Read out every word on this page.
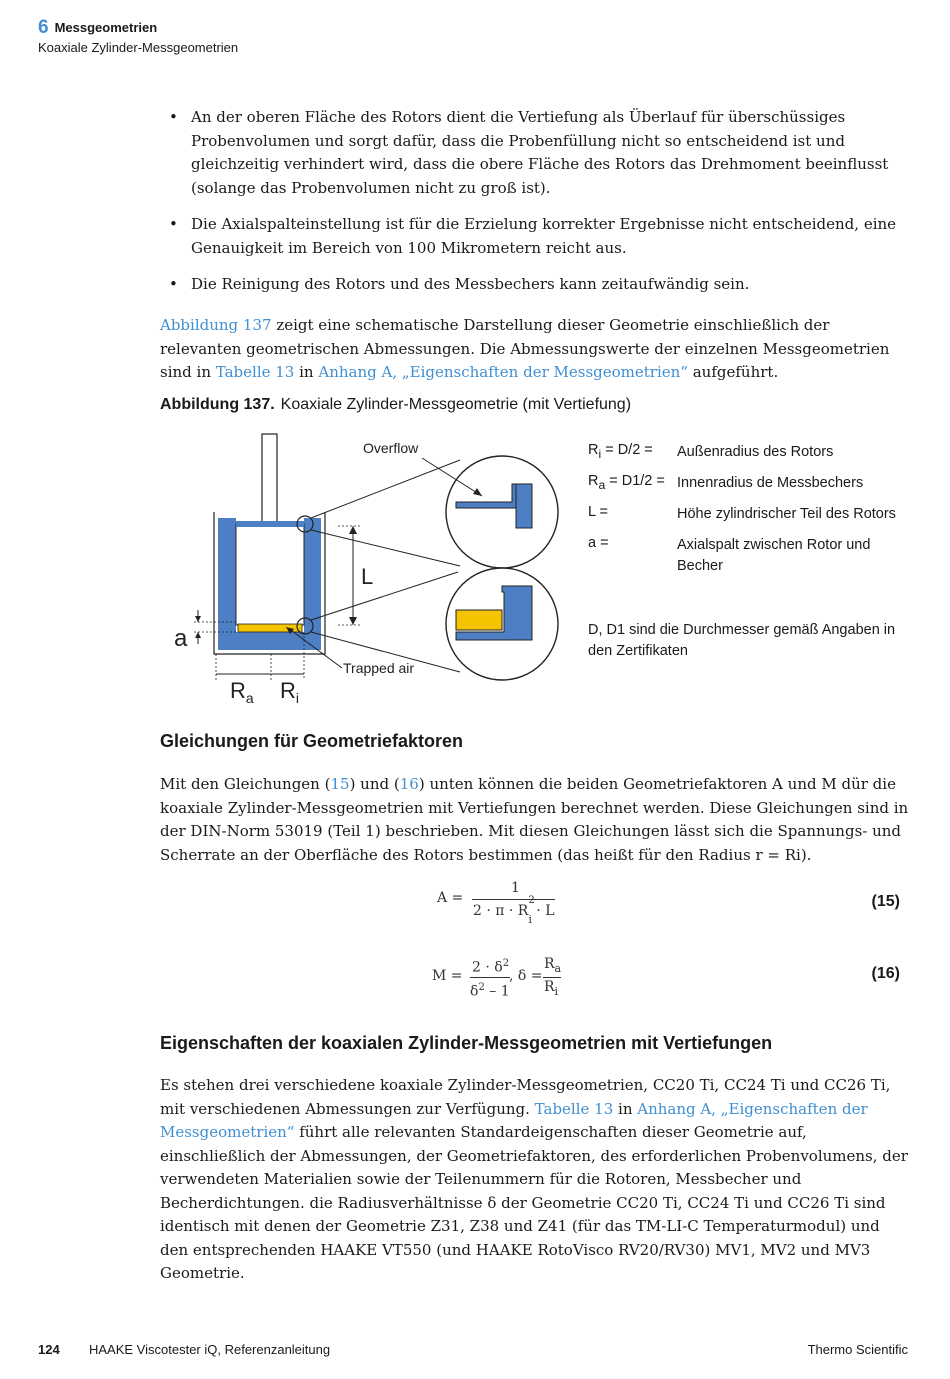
6 Messgeometrien
Koaxiale Zylinder-Messgeometrien
• An der oberen Fläche des Rotors dient die Vertiefung als Überlauf für überschüssiges Probenvolumen und sorgt dafür, dass die Probenfüllung nicht so entscheidend ist und gleichzeitig verhindert wird, dass die obere Fläche des Rotors das Drehmoment beeinflusst (solange das Probenvolumen nicht zu groß ist).
• Die Axialspalteinstellung ist für die Erzielung korrekter Ergebnisse nicht entscheidend, eine Genauigkeit im Bereich von 100 Mikrometern reicht aus.
• Die Reinigung des Rotors und des Messbechers kann zeitaufwändig sein.
Abbildung 137 zeigt eine schematische Darstellung dieser Geometrie einschließlich der relevanten geometrischen Abmessungen. Die Abmessungswerte der einzelnen Messgeometrien sind in Tabelle 13 in Anhang A, „Eigenschaften der Messgeometrien“ aufgeführt.
Abbildung 137. Koaxiale Zylinder-Messgeometrie (mit Vertiefung)
Overflow
Trapped air
L
a
$R_a$ $R_i$
$R_i = D/2$ = Außenradius des Rotors
$R_a = D1/2$ = Innenradius de Messbechers
L =	Höhe zylindrischer Teil des Rotors
a =	Axialspalt zwischen Rotor und Becher
D, D1 sind die Durchmesser gemäß Angaben in den Zertifikaten
Gleichungen für Geometriefaktoren
Mit den Gleichungen (15) und (16) unten können die beiden Geometriefaktoren A und M dür die koaxiale Zylinder-Messgeometrien mit Vertiefungen berechnet werden. Diese Gleichungen sind in der DIN-Norm 53019 (Teil 1) beschrieben. Mit diesen Gleichungen lässt sich die Spannungs- und Scherrate an der Oberfläche des Rotors bestimmen (das heißt für den Radius r = Ri).
A =
1
2 · π · R
2
$_i$ · L
(15)
M =
$2 \cdot \delta^2$
$\delta^2 - 1$
, δ =
$R_a$
$R_i$
(16)
Eigenschaften der koaxialen Zylinder-Messgeometrien mit Vertiefungen
Es stehen drei verschiedene koaxiale Zylinder-Messgeometrien, CC20 Ti, CC24 Ti und CC26 Ti, mit verschiedenen Abmessungen zur Verfügung. Tabelle 13 in Anhang A, „Eigenschaften der Messgeometrien“ führt alle relevanten Standardeigenschaften dieser Geometrie auf, einschließlich der Abmessungen, der Geometriefaktoren, des erforderlichen Probenvolumens, der verwendeten Materialien sowie der Teilenummern für die Rotoren, Messbecher und Becherdichtungen. die Radiusverhältnisse δ der Geometrie CC20 Ti, CC24 Ti und CC26 Ti sind identisch mit denen der Geometrie Z31, Z38 und Z41 (für das TM-LI-C Temperaturmodul) und den entsprechenden HAAKE VT550 (und HAAKE RotoVisco RV20/RV30) MV1, MV2 und MV3 Geometrie.
124 HAAKE Viscotester iQ, Referenzanleitung	Thermo Scientific
